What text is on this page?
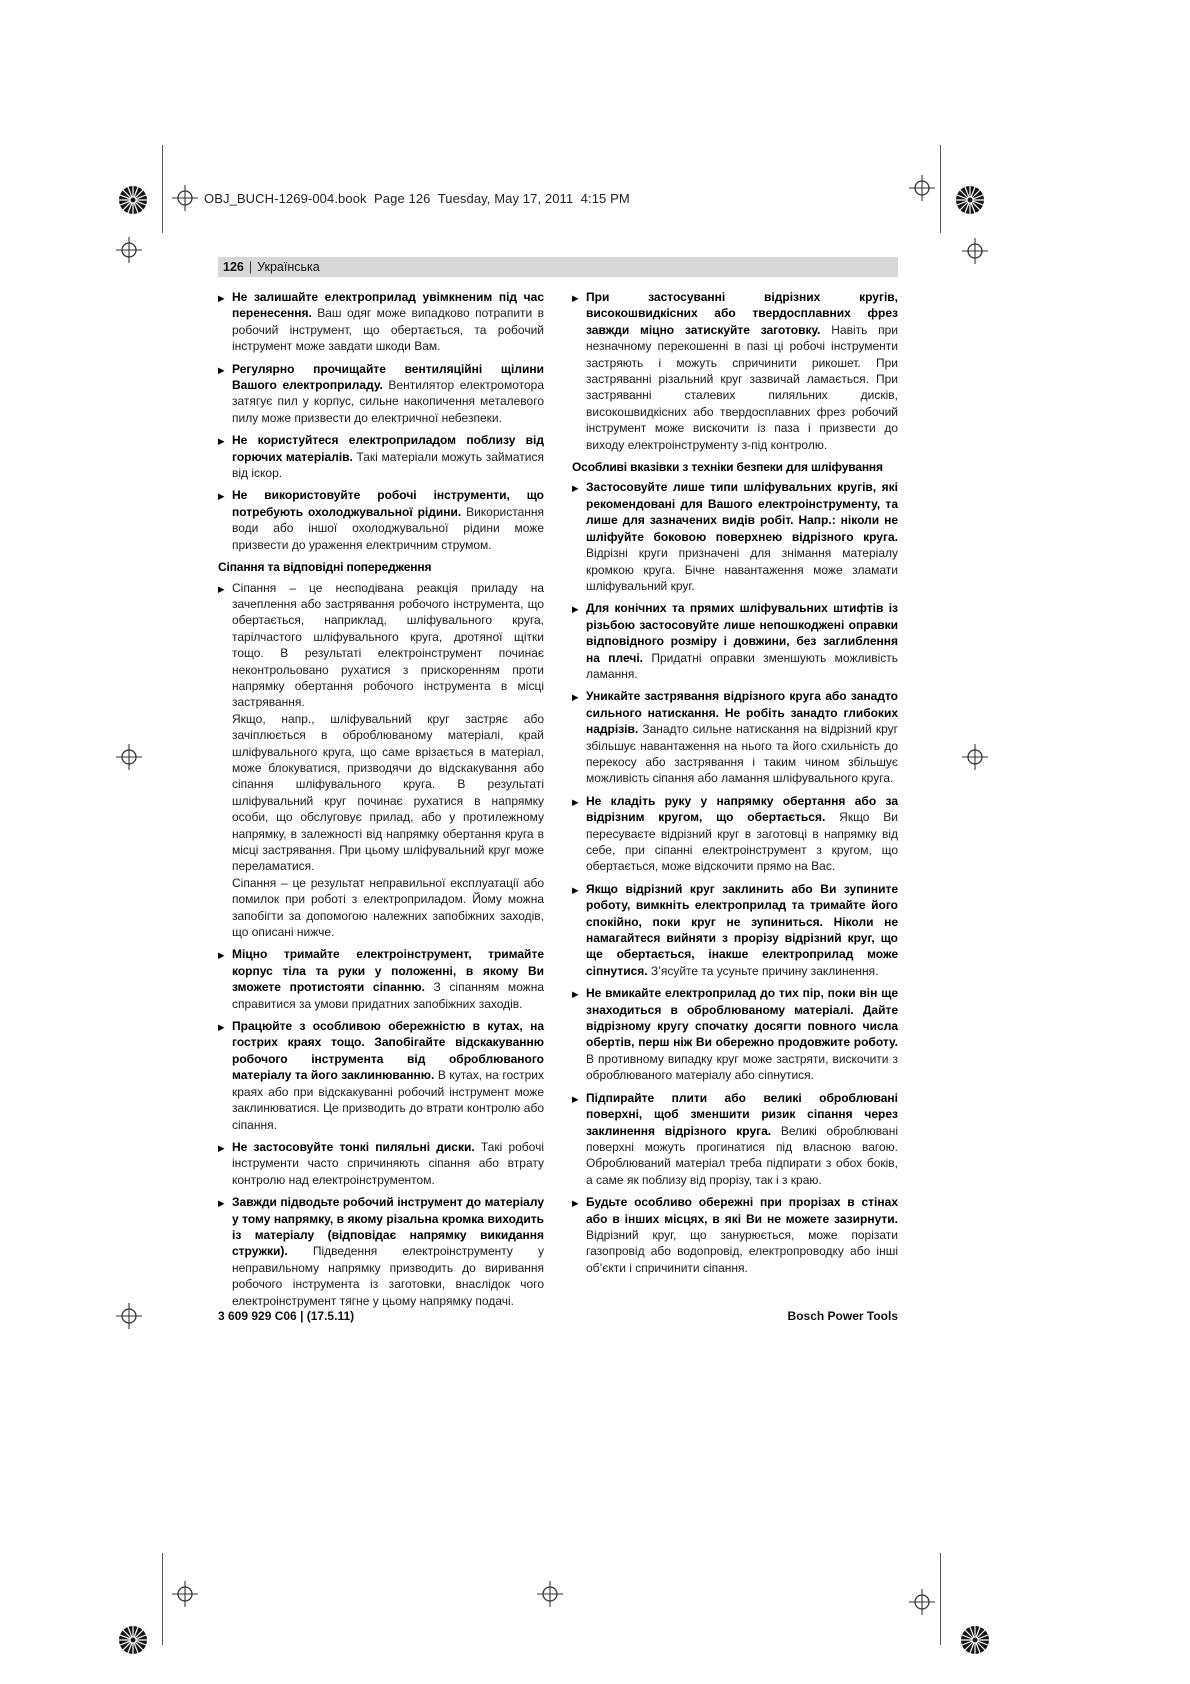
OBJ_BUCH-1269-004.book  Page 126  Tuesday, May 17, 2011  4:15 PM
126 | Українська
▶ Не залишайте електроприлад увімкненим під час перенесення. Ваш одяг може випадково потрапити в робочий інструмент, що обертається, та робочий інструмент може завдати шкоди Вам.

▶ Регулярно прочищайте вентиляційні щілини Вашого електроприладу. Вентилятор електромотора затягує пил у корпус, сильне накопичення металевого пилу може призвести до електричної небезпеки.

▶ Не користуйтеся електроприладом поблизу від горючих матеріалів. Такі матеріали можуть займатися від іскор.

▶ Не використовуйте робочі інструменти, що потребують охолоджувальної рідини. Використання води або іншої охолоджувальної рідини може призвести до ураження електричним струмом.

Сіпання та відповідні попередження
▶ Сіпання – це несподівана реакція приладу на зачеплення або застрявання робочого інструмента, що обертається, наприклад, шліфувального круга, тарілчастого шліфувального круга, дротяної щітки тощо. В результаті електроінструмент починає неконтрольовано рухатися з прискоренням проти напрямку обертання робочого інструмента в місці застрявання.

Якщо, напр., шліфувальний круг застряє або зачіплюється в оброблюваному матеріалі, край шліфувального круга, що саме врізається в матеріал, може блокуватися, призводячи до відскакування або сіпання шліфувального круга. В результаті шліфувальний круг починає рухатися в напрямку особи, що обслуговує прилад, або у протилежному напрямку, в залежності від напрямку обертання круга в місці застрявання. При цьому шліфувальний круг може переламатися.

Сіпання – це результат неправильної експлуатації або помилок при роботі з електроприладом. Йому можна запобігти за допомогою належних запобіжних заходів, що описані нижче.

▶ Міцно тримайте електроінструмент, тримайте корпус тіла та руки у положенні, в якому Ви зможете протистояти сіпанню. З сіпанням можна справитися за умови придатних запобіжних заходів.

▶ Працюйте з особливою обережністю в кутах, на гострих краях тощо. Запобігайте відскакуванню робочого інструмента від оброблюваного матеріалу та його заклинюванню. В кутах, на гострих краях або при відскакуванні робочий інструмент може заклинюватися. Це призводить до втрати контролю або сіпання.

▶ Не застосовуйте тонкі пиляльні диски. Такі робочі інструменти часто спричиняють сіпання або втрату контролю над електроінструментом.

▶ Завжди підводьте робочий інструмент до матеріалу у тому напрямку, в якому різальна кромка виходить із матеріалу (відповідає напрямку викидання стружки). Підведення електроінструменту у неправильному напрямку призводить до виривання робочого інструмента із заготовки, внаслідок чого електроінструмент тягне у цьому напрямку подачі.

▶ При застосуванні відрізних кругів, високошвидкісних або твердосплавних фрез завжди міцно затискуйте заготовку. Навіть при незначному перекошенні в пазі ці робочі інструменти застряють і можуть спричинити рикошет. При застряванні різальний круг зазвичай ламається. При застряванні сталевих пиляльних дисків, високошвидкісних або твердосплавних фрез робочий інструмент може вискочити із паза і призвести до виходу електроінструменту з-під контролю.

Особливі вказівки з техніки безпеки для шліфування
▶ Застосовуйте лише типи шліфувальних кругів, які рекомендовані для Вашого електроінструменту, та лише для зазначених видів робіт. Напр.: ніколи не шліфуйте боковою поверхнею відрізного круга. Відрізні круги призначені для знімання матеріалу кромкою круга. Бічне навантаження може зламати шліфувальний круг.

▶ Для конічних та прямих шліфувальних штифтів із різьбою застосовуйте лише непошкоджені оправки відповідного розміру і довжини, без заглиблення на плечі. Придатні оправки зменшують можливість ламання.

▶ Уникайте застрявання відрізного круга або занадто сильного натискання. Не робіть занадто глибоких надрізів. Занадто сильне натискання на відрізний круг збільшує навантаження на нього та його схильність до перекосу або застрявання і таким чином збільшує можливість сіпання або ламання шліфувального круга.

▶ Не кладіть руку у напрямку обертання або за відрізним кругом, що обертається. Якщо Ви пересуваєте відрізний круг в заготовці в напрямку від себе, при сіпанні електроінструмент з кругом, що обертається, може відскочити прямо на Вас.

▶ Якщо відрізний круг заклинить або Ви зупините роботу, вимкніть електроприлад та тримайте його спокійно, поки круг не зупиниться. Ніколи не намагайтеся вийняти з прорізу відрізний круг, що ще обертається, інакше електроприлад може сіпнутися. З’ясуйте та усуньте причину заклинення.

▶ Не вмикайте електроприлад до тих пір, поки він ще знаходиться в оброблюваному матеріалі. Дайте відрізному кругу спочатку досягти повного числа обертів, перш ніж Ви обережно продовжите роботу. В противному випадку круг може застряти, вискочити з оброблюваного матеріалу або сіпнутися.

▶ Підпирайте плити або великі оброблювані поверхні, щоб зменшити ризик сіпання через заклинення відрізного круга. Великі оброблювані поверхні можуть прогинатися під власною вагою. Оброблюваний матеріал треба підпирати з обох боків, а саме як поблизу від прорізу, так і з краю.

▶ Будьте особливо обережні при прорізах в стінах або в інших місцях, в які Ви не можете зазирнути. Відрізний круг, що занурюється, може порізати газопровід або водопровід, електропроводку або інші об’єкти і спричинити сіпання.

3 609 929 C06 | (17.5.11)	Bosch Power Tools
